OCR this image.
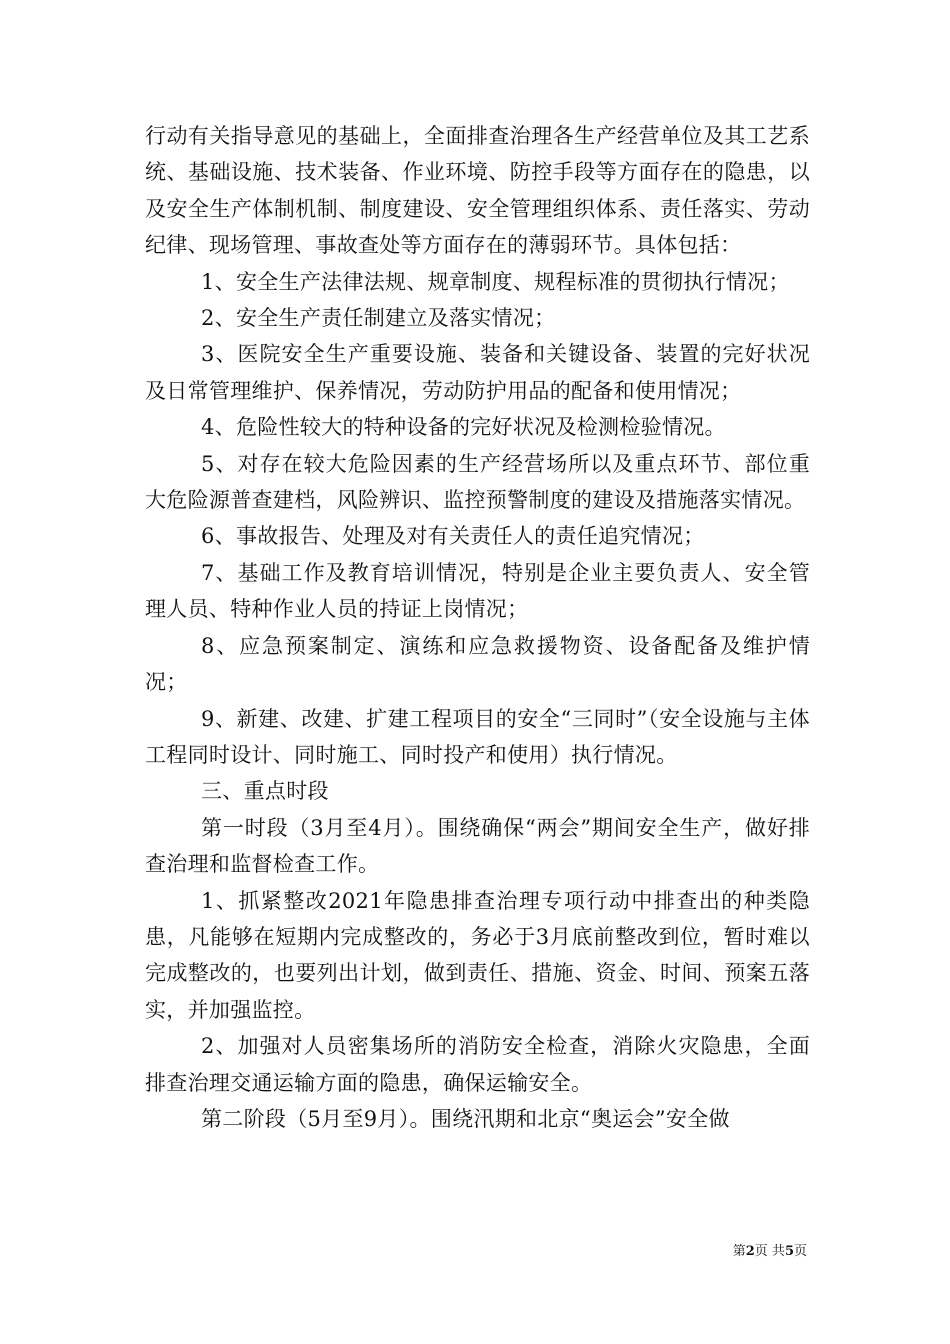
行动有关指导意见的基础上，全面排查治理各生产经营单位及其工艺系统、基础设施、技术装备、作业环境、防控手段等方面存在的隐患，以及安全生产体制机制、制度建设、安全管理组织体系、责任落实、劳动纪律、现场管理、事故查处等方面存在的薄弱环节。具体包括：

1、安全生产法律法规、规章制度、规程标准的贯彻执行情况；

2、安全生产责任制建立及落实情况；

3、医院安全生产重要设施、装备和关键设备、装置的完好状况及日常管理维护、保养情况，劳动防护用品的配备和使用情况；

4、危险性较大的特种设备的完好状况及检测检验情况。

5、对存在较大危险因素的生产经营场所以及重点环节、部位重大危险源普查建档，风险辨识、监控预警制度的建设及措施落实情况。

6、事故报告、处理及对有关责任人的责任追究情况；

7、基础工作及教育培训情况，特别是企业主要负责人、安全管理人员、特种作业人员的持证上岗情况；

8、应急预案制定、演练和应急救援物资、设备配备及维护情况；

9、新建、改建、扩建工程项目的安全“三同时”（安全设施与主体工程同时设计、同时施工、同时投产和使用）执行情况。

三、重点时段

第一时段（3月至4月）。围绕确保“两会”期间安全生产，做好排查治理和监督检查工作。

1、抓紧整改2021年隐患排查治理专项行动中排查出的种类隐患，凡能够在短期内完成整改的，务必于3月底前整改到位，暂时难以完成整改的，也要列出计划，做到责任、措施、资金、时间、预案五落实，并加强监控。

2、加强对人员密集场所的消防安全检查，消除火灾隐患，全面排查治理交通运输方面的隐患，确保运输安全。

第二阶段（5月至9月）。围绕汛期和北京“奥运会”安全做

第2页 共5页
